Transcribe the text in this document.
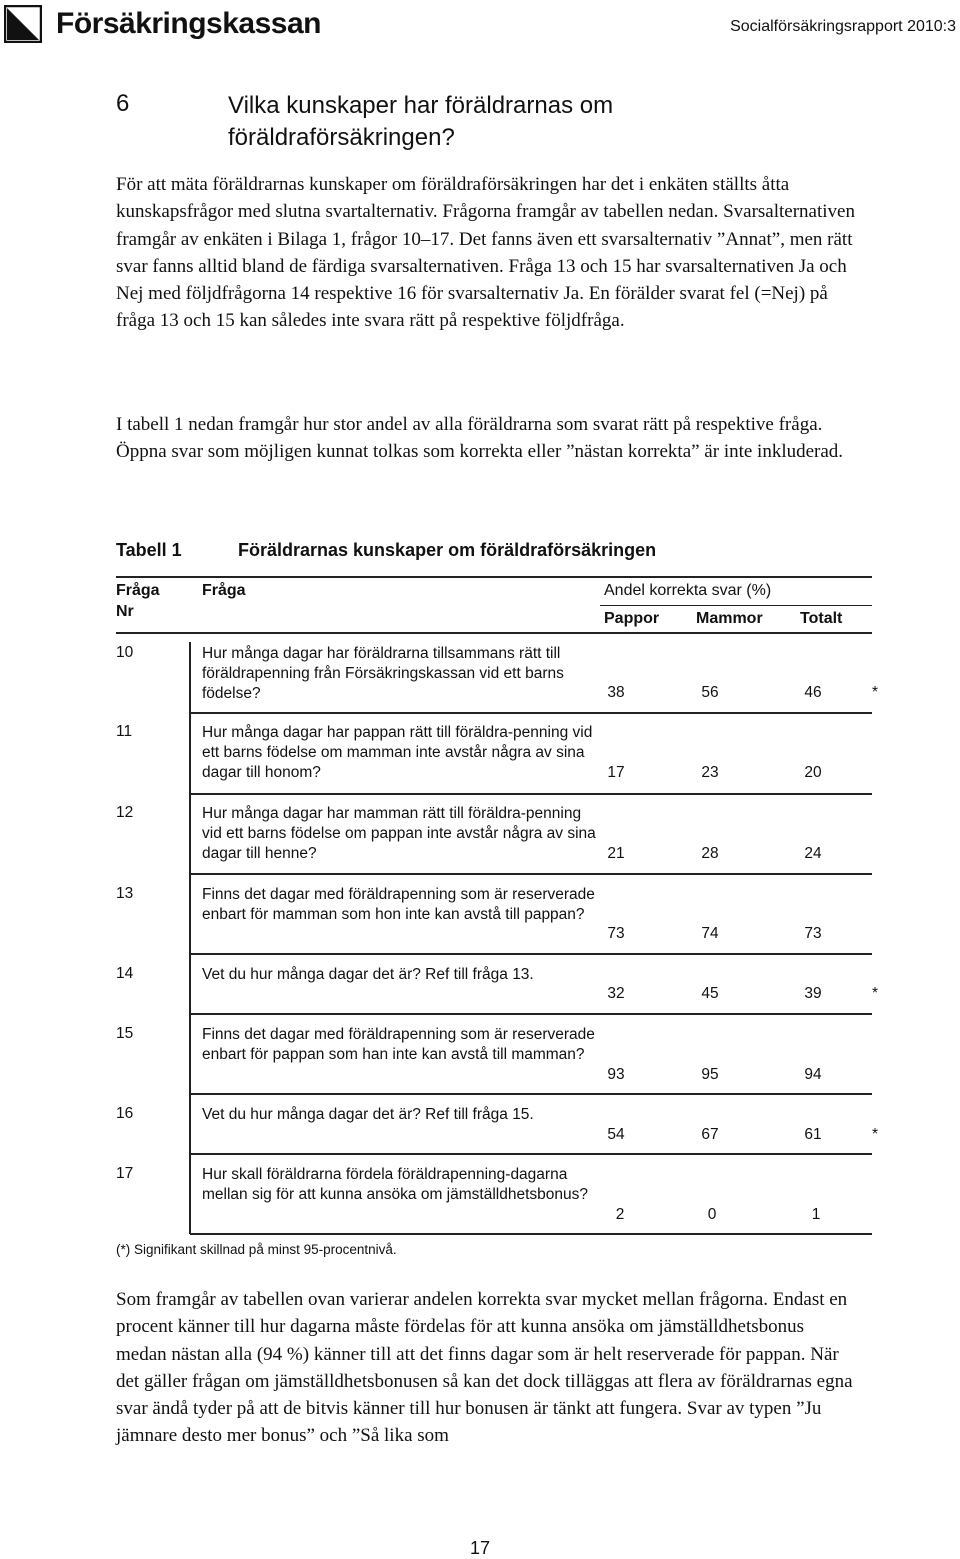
Försäkringskassan	Socialförsäkringsrapport 2010:3
6	Vilka kunskaper har föräldrarnas om föräldraförsäkringen?

För att mäta föräldrarnas kunskaper om föräldraförsäkringen har det i enkäten ställts åtta kunskapsfrågor med slutna svartalternativ. Frågorna framgår av tabellen nedan. Svarsalternativen framgår av enkäten i Bilaga 1, frågor 10–17. Det fanns även ett svarsalternativ ”Annat”, men rätt svar fanns alltid bland de färdiga svarsalternativen. Fråga 13 och 15 har svarsalternativen Ja och Nej med följdfrågorna 14 respektive 16 för svarsalternativ Ja. En förälder svarat fel (=Nej) på fråga 13 och 15 kan således inte svara rätt på respektive följdfråga.

I tabell 1 nedan framgår hur stor andel av alla föräldrarna som svarat rätt på respektive fråga. Öppna svar som möjligen kunnat tolkas som korrekta eller ”nästan korrekta” är inte inkluderad.

Tabell 1	Föräldrarnas kunskaper om föräldraförsäkringen
Fråga
Nr
Fråga	Andel korrekta svar (%)
Pappor Mammor Totalt
10	Hur många dagar har föräldrarna tillsammans rätt till föräldrapenning från Försäkringskassan vid ett barns födelse?	38	56	46	*
11	Hur många dagar har pappan rätt till föräldra-penning vid ett barns födelse om mamman inte avstår några av sina dagar till honom?	17	23	20
12	Hur många dagar har mamman rätt till föräldra-penning vid ett barns födelse om pappan inte avstår några av sina dagar till henne?	21	28	24
13	Finns det dagar med föräldrapenning som är reserverade enbart för mamman som hon inte kan avstå till pappan?
73	74	73
14	Vet du hur många dagar det är? Ref till fråga 13.
32	45	39	*
15	Finns det dagar med föräldrapenning som är reserverade enbart för pappan som han inte kan avstå till mamman?
93	95	94
16	Vet du hur många dagar det är? Ref till fråga 15.
54	67	61	*
17	Hur skall föräldrarna fördela föräldrapenning-dagarna mellan sig för att kunna ansöka om jämställdhetsbonus?
2	0	1
(*) Signifikant skillnad på minst 95-procentnivå.

Som framgår av tabellen ovan varierar andelen korrekta svar mycket mellan frågorna. Endast en procent känner till hur dagarna måste fördelas för att kunna ansöka om jämställdhetsbonus medan nästan alla (94 %) känner till att det finns dagar som är helt reserverade för pappan. När det gäller frågan om jämställdhetsbonusen så kan det dock tilläggas att flera av föräldrarnas egna svar ändå tyder på att de bitvis känner till hur bonusen är tänkt att fungera. Svar av typen ”Ju jämnare desto mer bonus” och ”Så lika som

17
